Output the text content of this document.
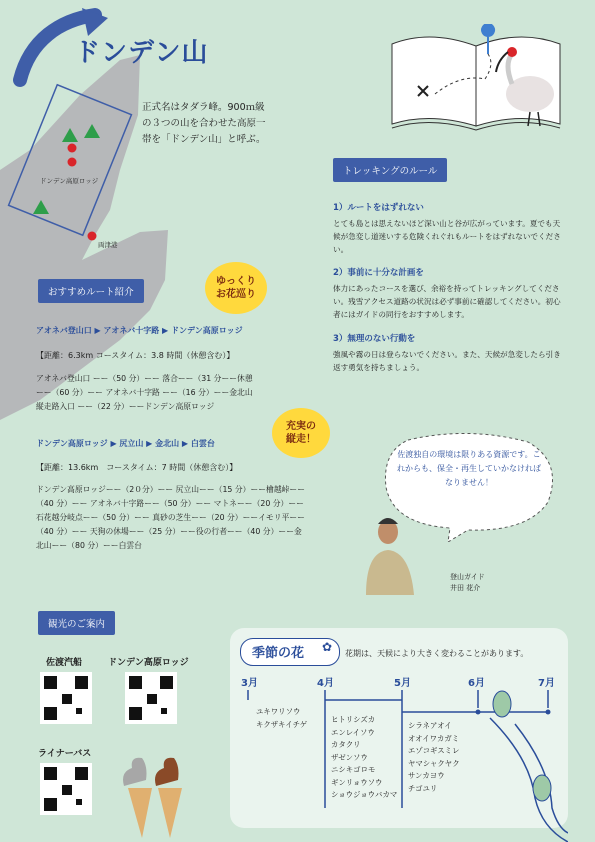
ドンデン高原ロッジ
両津港
ドンデン山
正式名はタダラ峰。900ｍ級の３つの山を合わせた高原一帯を「ドンデン山」と呼ぶ。
ゆっくり
お花巡り
充実の
縦走！
おすすめルート紹介
アオネバ登山口 ▶ アオネバ十字路 ▶ ドンデン高原ロッジ
【距離：6.3km コースタイム：3.8 時間（休憩含む）】
アオネバ登山口 ーー（50 分）ーー 落合ーー（31 分ーー休憩 ーー（60 分）ーー アオネバ十字路 ーー（16 分）ーー金北山縦走路入口 ーー（22 分）ーードンデン高原ロッジ
ドンデン高原ロッジ ▶ 尻立山 ▶ 金北山 ▶ 白雲台
【距離：13.6km　コースタイム：7 時間（休憩含む）】
ドンデン高原ロッジーー（2０分）ーー 尻立山ーー（15 分）ーー檜越峠ーー（40 分）ーー アオネバ十字路ーー（50 分）ーー マトネーー（20 分）ーー 石花越分岐点ーー（50 分）ーー 真砂の芝生ーー（20 分）ーーイモリ平ーー（40 分）ーー 天狗の休場ーー（25 分）ーー役の行者ーー（40 分）ーー金北山ーー（80 分）ーー白雲台
トレッキングのルール
1）ルートをはずれない
とても島とは思えないほど深い山と谷が広がっています。夏でも天候が急変し道迷いする危険くれぐれもルートをはずれないでください。
2）事前に十分な計画を
体力にあったコースを選び、余裕を持ってトレッキングしてください。残雪アクセス道路の状況は必ず事前に確認してください。初心者にはガイドの同行をおすすめします。
3）無理のない行動を
強風や霧の日は登らないでください。また、天候が急変したら引き返す勇気を持ちましょう。
佐渡独自の環境は限りある資源です。これからも、保全・再生していかなければなりません！
登山ガイド
井田 花介
観光のご案内
佐渡汽船	ドンデン高原ロッジ
ライナーバス
季節の花 ✿ 花期は、天候により大きく変わることがあります。
3月	4月	5月	6月	7月
ユキワリソウ
キクザキイチゲ	ヒトリシズカ
エンレイソウ
カタクリ
ザゼンソウ
ニシキゴロモ
ギンリョウソウ
ショウジョウバカマ
シラネアオイ
オオイワカガミ
エゾコギスミレ
ヤマシャクヤク
サンカヨウ
チゴユリ
